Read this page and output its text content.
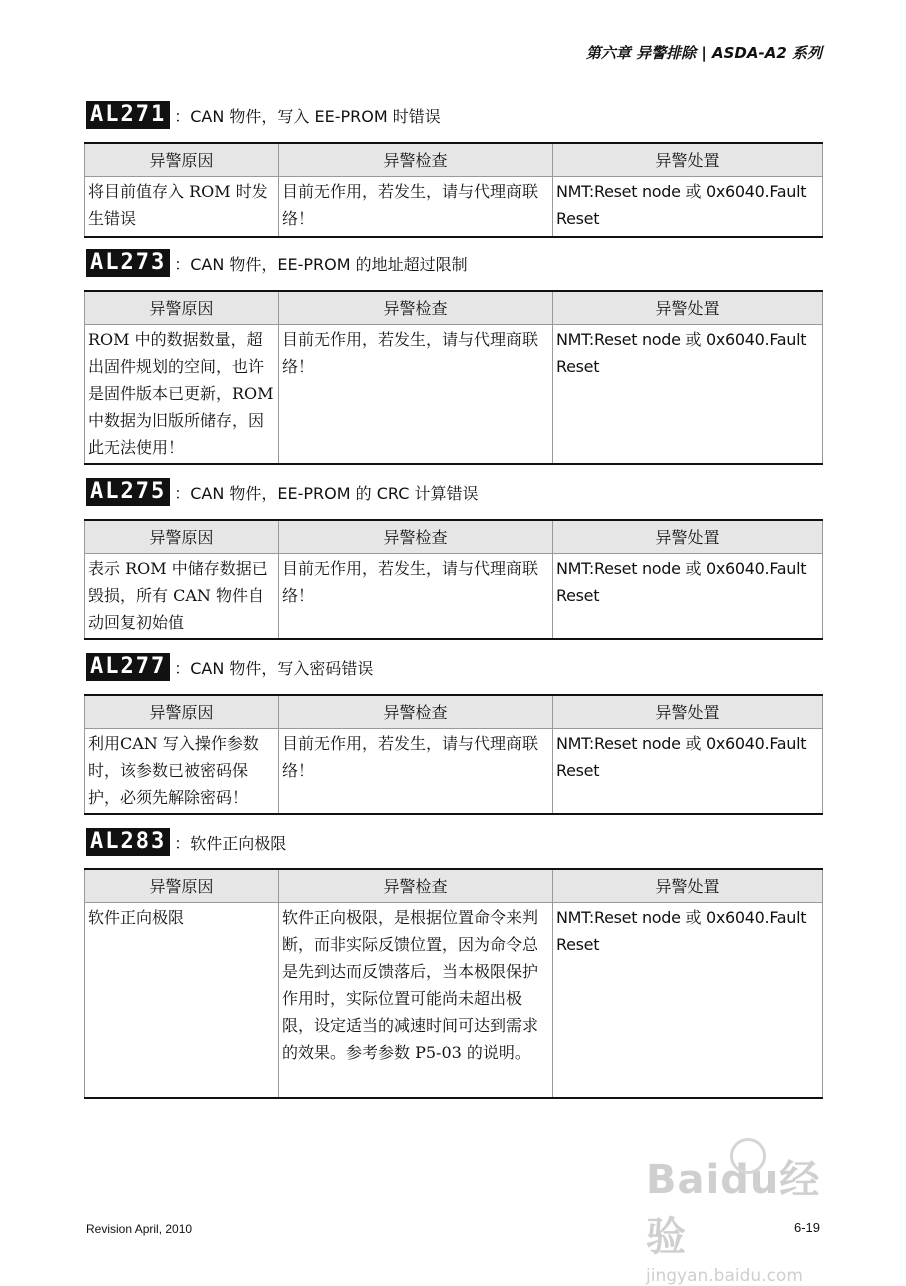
第六章 异警排除 | ASDA-A2 系列
AL271 ：CAN 物件，写入 EE-PROM 时错误
异警原因	异警检查	异警处置
将目前值存入 ROM 时发生错误	目前无作用，若发生，请与代理商联络！	NMT:Reset node 或 0x6040.Fault Reset
AL273 ：CAN 物件，EE-PROM 的地址超过限制
异警原因	异警检查	异警处置
ROM 中的数据数量，超出固件规划的空间，也许是固件版本已更新，ROM 中数据为旧版所储存，因此无法使用！	目前无作用，若发生，请与代理商联络！	NMT:Reset node 或 0x6040.Fault Reset
AL275 ：CAN 物件，EE-PROM 的 CRC 计算错误
异警原因	异警检查	异警处置
表示 ROM 中储存数据已毁损，所有 CAN 物件自动回复初始值	目前无作用，若发生，请与代理商联络！	NMT:Reset node 或 0x6040.Fault Reset
AL277 ：CAN 物件，写入密码错误
异警原因	异警检查	异警处置
利用CAN 写入操作参数时，该参数已被密码保护，必须先解除密码！	目前无作用，若发生，请与代理商联络！	NMT:Reset node 或 0x6040.Fault Reset
AL283 ：软件正向极限
异警原因	异警检查	异警处置
软件正向极限	软件正向极限，是根据位置命令来判断，而非实际反馈位置，因为命令总是先到达而反馈落后，当本极限保护作用时，实际位置可能尚未超出极限，设定适当的减速时间可达到需求的效果。参考参数 P5-03 的说明。	NMT:Reset node 或 0x6040.Fault Reset
Revision April, 2010	6-19
Baidu经验
jingyan.baidu.com
